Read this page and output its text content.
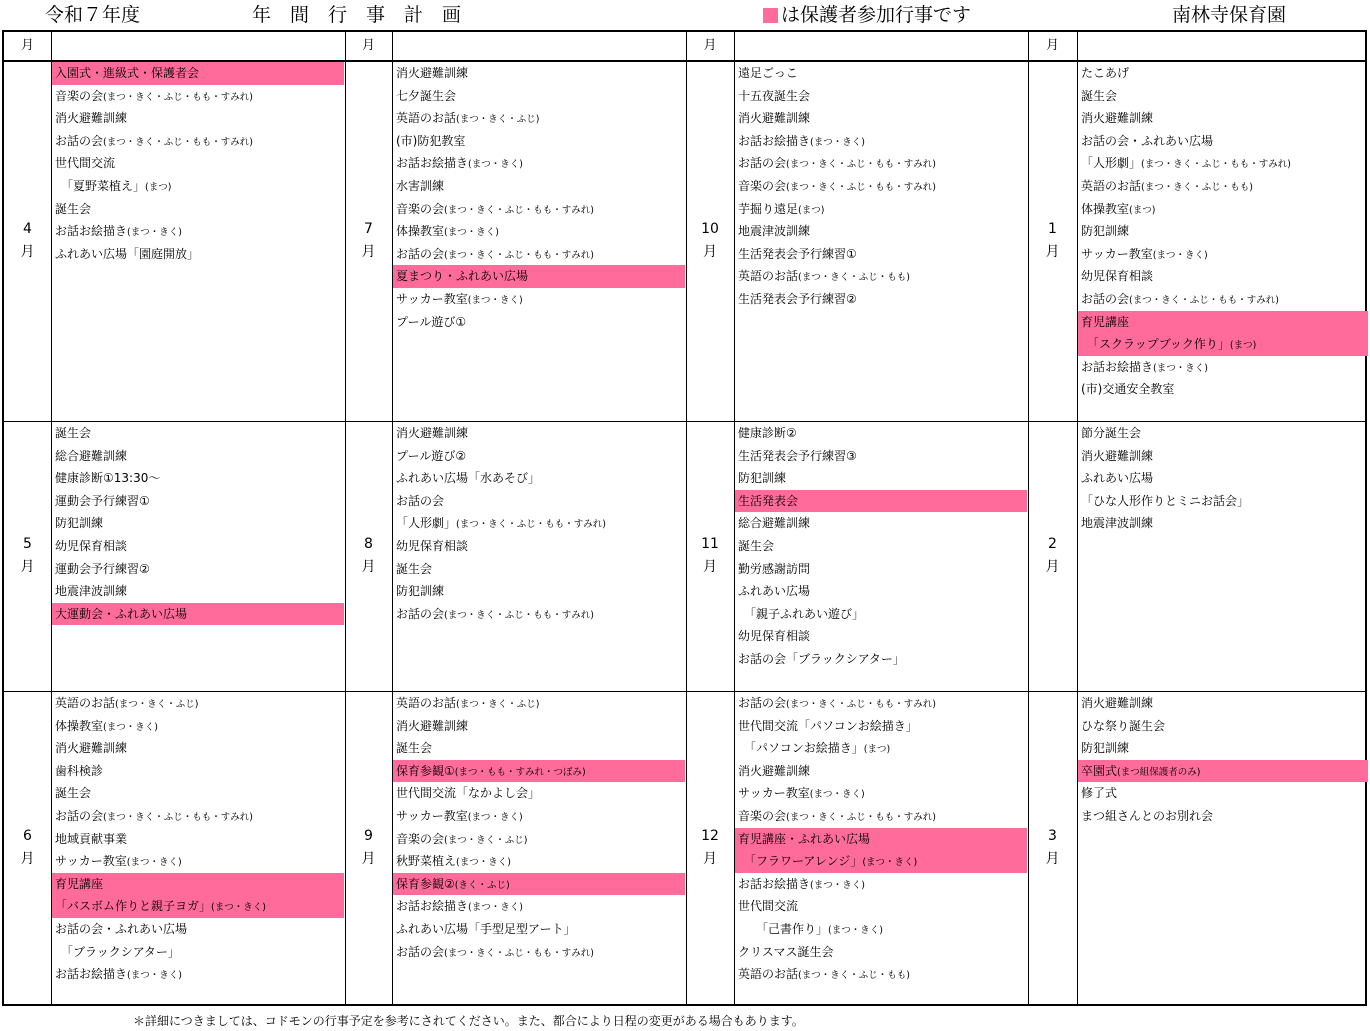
令和７年度	年　間　行　事　計　画	は保護者参加行事です	南林寺保育園
月	月	月	月
4
月
入園式・進級式・保護者会
音楽の会(まつ・きく・ふじ・もも・すみれ)
消火避難訓練
お話の会(まつ・きく・ふじ・もも・すみれ)
世代間交流
　「夏野菜植え」(まつ)
誕生会
お話お絵描き(まつ・きく)
ふれあい広場「園庭開放」
7
月
消火避難訓練
七夕誕生会
英語のお話(まつ・きく・ふじ)
(市)防犯教室
お話お絵描き(まつ・きく)
水害訓練
音楽の会(まつ・きく・ふじ・もも・すみれ)
体操教室(まつ・きく)
お話の会(まつ・きく・ふじ・もも・すみれ)
夏まつり・ふれあい広場
サッカー教室(まつ・きく)
プール遊び①
10
月
遠足ごっこ
十五夜誕生会
消火避難訓練
お話お絵描き(まつ・きく)
お話の会(まつ・きく・ふじ・もも・すみれ)
音楽の会(まつ・きく・ふじ・もも・すみれ)
芋掘り遠足(まつ)
地震津波訓練
生活発表会予行練習①
英語のお話(まつ・きく・ふじ・もも)
生活発表会予行練習②
1
月
たこあげ
誕生会
消火避難訓練
お話の会・ふれあい広場
「人形劇」(まつ・きく・ふじ・もも・すみれ)
英語のお話(まつ・きく・ふじ・もも)
体操教室(まつ)
防犯訓練
サッカー教室(まつ・きく)
幼児保育相談
お話の会(まつ・きく・ふじ・もも・すみれ)
育児講座
　「スクラップブック作り」(まつ)
お話お絵描き(まつ・きく)
(市)交通安全教室
5
月
誕生会
総合避難訓練
健康診断①13:30〜
運動会予行練習①
防犯訓練
幼児保育相談
運動会予行練習②
地震津波訓練
大運動会・ふれあい広場
8
月
消火避難訓練
プール遊び②
ふれあい広場「水あそび」
お話の会
「人形劇」(まつ・きく・ふじ・もも・すみれ)
幼児保育相談
誕生会
防犯訓練
お話の会(まつ・きく・ふじ・もも・すみれ)
11
月
健康診断②
生活発表会予行練習③
防犯訓練
生活発表会
総合避難訓練
誕生会
勤労感謝訪問
ふれあい広場
　「親子ふれあい遊び」
幼児保育相談
お話の会「ブラックシアター」
2
月
節分誕生会
消火避難訓練
ふれあい広場
「ひな人形作りとミニお話会」
地震津波訓練
6
月
英語のお話(まつ・きく・ふじ)
体操教室(まつ・きく)
消火避難訓練
歯科検診
誕生会
お話の会(まつ・きく・ふじ・もも・すみれ)
地域貢献事業
サッカー教室(まつ・きく)
育児講座
「バスボム作りと親子ヨガ」(まつ・きく)
お話の会・ふれあい広場
　「ブラックシアター」
お話お絵描き(まつ・きく)
9
月
英語のお話(まつ・きく・ふじ)
消火避難訓練
誕生会
保育参観①(まつ・もも・すみれ・つぼみ)
世代間交流「なかよし会」
サッカー教室(まつ・きく)
音楽の会(まつ・きく・ふじ)
秋野菜植え(まつ・きく)
保育参観②(きく・ふじ)
お話お絵描き(まつ・きく)
ふれあい広場「手型足型アート」
お話の会(まつ・きく・ふじ・もも・すみれ)
12
月
お話の会(まつ・きく・ふじ・もも・すみれ)
世代間交流「パソコンお絵描き」
　「パソコンお絵描き」(まつ)
消火避難訓練
サッカー教室(まつ・きく)
音楽の会(まつ・きく・ふじ・もも・すみれ)
育児講座・ふれあい広場
　「フラワーアレンジ」(まつ・きく)
お話お絵描き(まつ・きく)
世代間交流
　　「己書作り」(まつ・きく)
クリスマス誕生会
英語のお話(まつ・きく・ふじ・もも)
3
月
消火避難訓練
ひな祭り誕生会
防犯訓練
卒園式(まつ組保護者のみ)
修了式
まつ組さんとのお別れ会
＊詳細につきましては、コドモンの行事予定を参考にされてください。また、都合により日程の変更がある場合もあります。
